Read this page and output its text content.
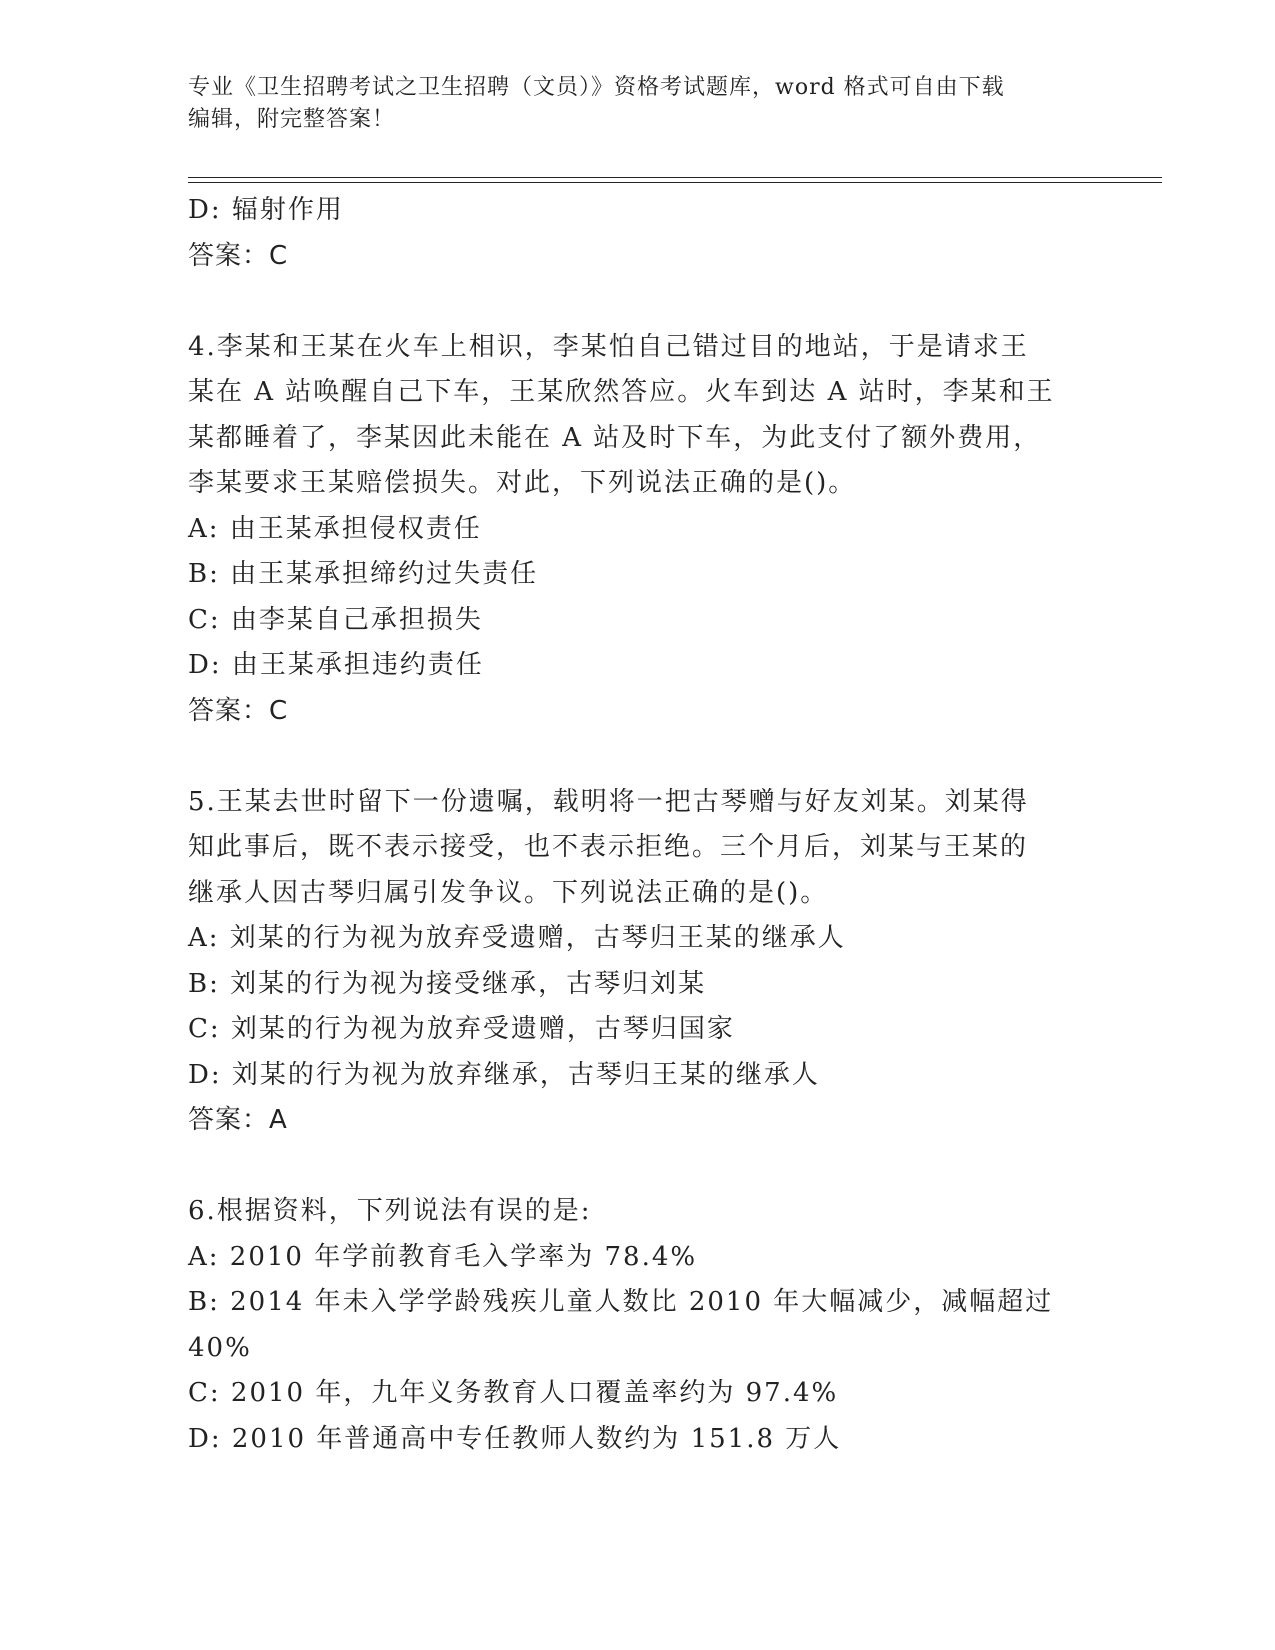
专业《卫生招聘考试之卫生招聘（文员）》资格考试题库，word 格式可自由下载
编辑，附完整答案！
D: 辐射作用
答案：C
4.李某和王某在火车上相识，李某怕自己错过目的地站，于是请求王
某在 A 站唤醒自己下车，王某欣然答应。火车到达 A 站时，李某和王
某都睡着了，李某因此未能在 A 站及时下车，为此支付了额外费用，
李某要求王某赔偿损失。对此，下列说法正确的是()。
A: 由王某承担侵权责任
B: 由王某承担缔约过失责任
C: 由李某自己承担损失
D: 由王某承担违约责任
答案：C
5.王某去世时留下一份遗嘱，载明将一把古琴赠与好友刘某。刘某得
知此事后，既不表示接受，也不表示拒绝。三个月后，刘某与王某的
继承人因古琴归属引发争议。下列说法正确的是()。
A: 刘某的行为视为放弃受遗赠，古琴归王某的继承人
B: 刘某的行为视为接受继承，古琴归刘某
C: 刘某的行为视为放弃受遗赠，古琴归国家
D: 刘某的行为视为放弃继承，古琴归王某的继承人
答案：A
6.根据资料，下列说法有误的是:
A: 2010 年学前教育毛入学率为 78.4%
B: 2014 年未入学学龄残疾儿童人数比 2010 年大幅减少，减幅超过
40%
C: 2010 年，九年义务教育人口覆盖率约为 97.4%
D: 2010 年普通高中专任教师人数约为 151.8 万人
